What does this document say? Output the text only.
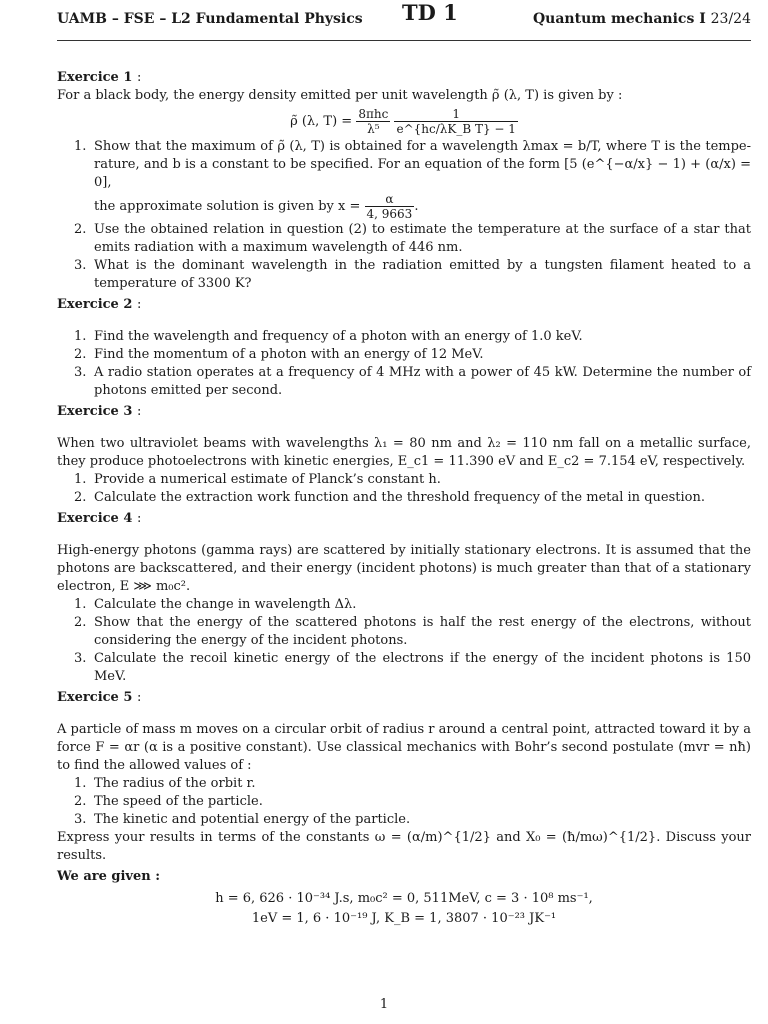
UAMB – FSE – L2 Fundamental Physics TD 1	Quantum mechanics I 23/24
Exercice 1 :

For a black body, the energy density emitted per unit wavelength ρ̃ (λ, T) is given by :

ρ̃ (λ, $T) = \frac{\text{8πhc}}{\text{λ⁵}}$
$\frac{1}{\text{e\textasciicircum{}\{hc/λK\_B T\} − 1}}$
1. Show that the maximum of ρ̃ (λ, T) is obtained for a wavelength λmax = b/T, where T is the tempe- rature, and b is a constant to be specified. For an equation of the form [5 (e^{−α/x} − 1) + (α/x) = 0],
the approximate solution is given by $x = \frac{\alpha}{4, 9663}$ .
2. Use the obtained relation in question (2) to estimate the temperature at the surface of a star that emits radiation with a maximum wavelength of 446 nm.
3. What is the dominant wavelength in the radiation emitted by a tungsten filament heated to a temperature of 3300 K?
Exercice 2 :
1. Find the wavelength and frequency of a photon with an energy of 1.0 keV.
2. Find the momentum of a photon with an energy of 12 MeV.
3. A radio station operates at a frequency of 4 MHz with a power of 45 kW. Determine the number of photons emitted per second.
Exercice 3 :

When two ultraviolet beams with wavelengths λ₁ = 80 nm and λ₂ = 110 nm fall on a metallic surface, they produce photoelectrons with kinetic energies, E_c1 = 11.390 eV and E_c2 = 7.154 eV, respectively.

1. Provide a numerical estimate of Planck’s constant h.
2. Calculate the extraction work function and the threshold frequency of the metal in question.
Exercice 4 :

High-energy photons (gamma rays) are scattered by initially stationary electrons. It is assumed that the photons are backscattered, and their energy (incident photons) is much greater than that of a stationary electron, E ⋙ m₀c².

1. Calculate the change in wavelength Δλ.
2. Show that the energy of the scattered photons is half the rest energy of the electrons, without considering the energy of the incident photons.
3. Calculate the recoil kinetic energy of the electrons if the energy of the incident photons is 150 MeV.
Exercice 5 :

A particle of mass m moves on a circular orbit of radius r around a central point, attracted toward it by a force F = αr (α is a positive constant). Use classical mechanics with Bohr’s second postulate (mvr = nħ) to find the allowed values of :

1. The radius of the orbit r.
2. The speed of the particle.
3. The kinetic and potential energy of the particle.

Express your results in terms of the constants ω = (α/m)^{1/2} and X₀ = (ħ/mω)^{1/2}. Discuss your results.

We are given :
h = 6, 626 · 10⁻³⁴ J.s, m₀c² = 0, 511MeV, c = 3 · 10⁸ ms⁻¹,
1eV = 1, 6 · 10⁻¹⁹ J, K_B = 1, 3807 · 10⁻²³ JK⁻¹
1
